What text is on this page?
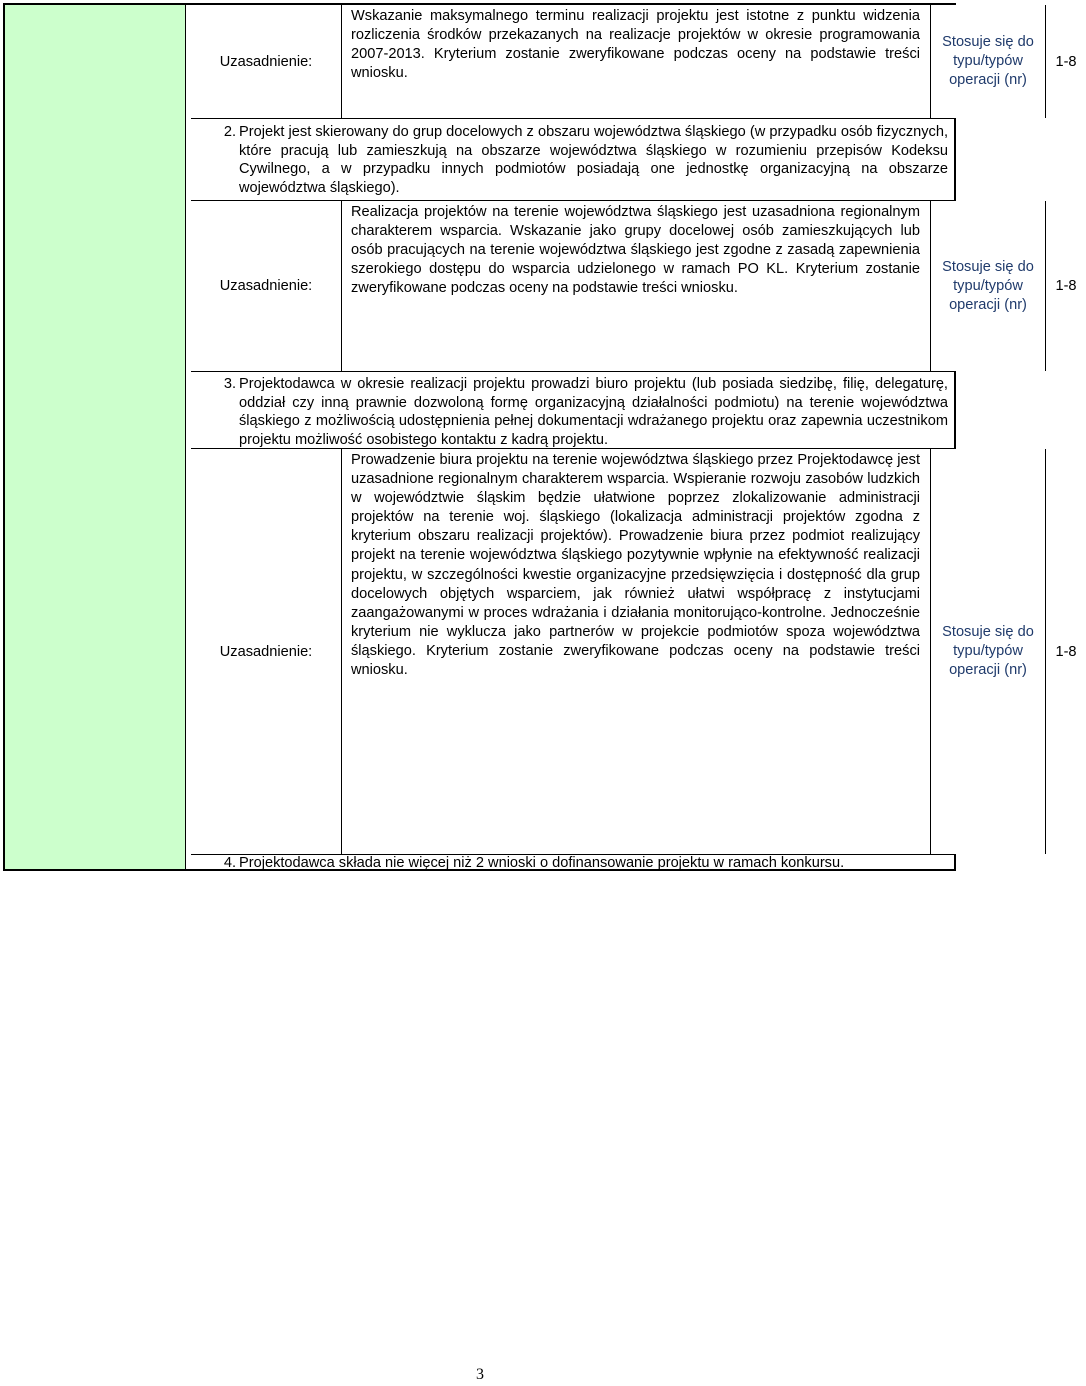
Uzasadnienie:
Wskazanie maksymalnego terminu realizacji projektu jest istotne z punktu widzenia rozliczenia środków przekazanych na realizacje projektów w okresie programowania 2007-2013. Kryterium zostanie zweryfikowane podczas oceny na podstawie treści wniosku.
Stosuje się do typu/typów operacji (nr)
1-8
2. Projekt jest skierowany do grup docelowych z obszaru województwa śląskiego (w przypadku osób fizycznych, które pracują lub zamieszkują na obszarze województwa śląskiego w rozumieniu przepisów Kodeksu Cywilnego, a w przypadku innych podmiotów posiadają one jednostkę organizacyjną na obszarze województwa śląskiego).
Uzasadnienie:
Realizacja projektów na terenie województwa śląskiego jest uzasadniona regionalnym charakterem wsparcia. Wskazanie jako grupy docelowej osób zamieszkujących lub osób pracujących na terenie województwa śląskiego jest zgodne z zasadą zapewnienia szerokiego dostępu do wsparcia udzielonego w ramach PO KL. Kryterium zostanie zweryfikowane podczas oceny na podstawie treści wniosku.
Stosuje się do typu/typów operacji (nr)
1-8
3. Projektodawca w okresie realizacji projektu prowadzi biuro projektu (lub posiada siedzibę, filię, delegaturę, oddział czy inną prawnie dozwoloną formę organizacyjną działalności podmiotu) na terenie województwa śląskiego z możliwością udostępnienia pełnej dokumentacji wdrażanego projektu oraz zapewnia uczestnikom projektu możliwość osobistego kontaktu z kadrą projektu.
Uzasadnienie:
Prowadzenie biura projektu na terenie województwa śląskiego przez Projektodawcę jest uzasadnione regionalnym charakterem wsparcia. Wspieranie rozwoju zasobów ludzkich w województwie śląskim będzie ułatwione poprzez zlokalizowanie administracji projektów na terenie woj. śląskiego (lokalizacja administracji projektów zgodna z kryterium obszaru realizacji projektów). Prowadzenie biura przez podmiot realizujący projekt na terenie województwa śląskiego pozytywnie wpłynie na efektywność realizacji projektu, w szczególności kwestie organizacyjne przedsięwzięcia i dostępność dla grup docelowych objętych wsparciem, jak również ułatwi współpracę z instytucjami zaangażowanymi w proces wdrażania i działania monitorująco-kontrolne. Jednocześnie kryterium nie wyklucza jako partnerów w projekcie podmiotów spoza województwa śląskiego. Kryterium zostanie zweryfikowane podczas oceny na podstawie treści wniosku.
Stosuje się do typu/typów operacji (nr)
1-8
4. Projektodawca składa nie więcej niż 2 wnioski o dofinansowanie projektu w ramach konkursu.
3
